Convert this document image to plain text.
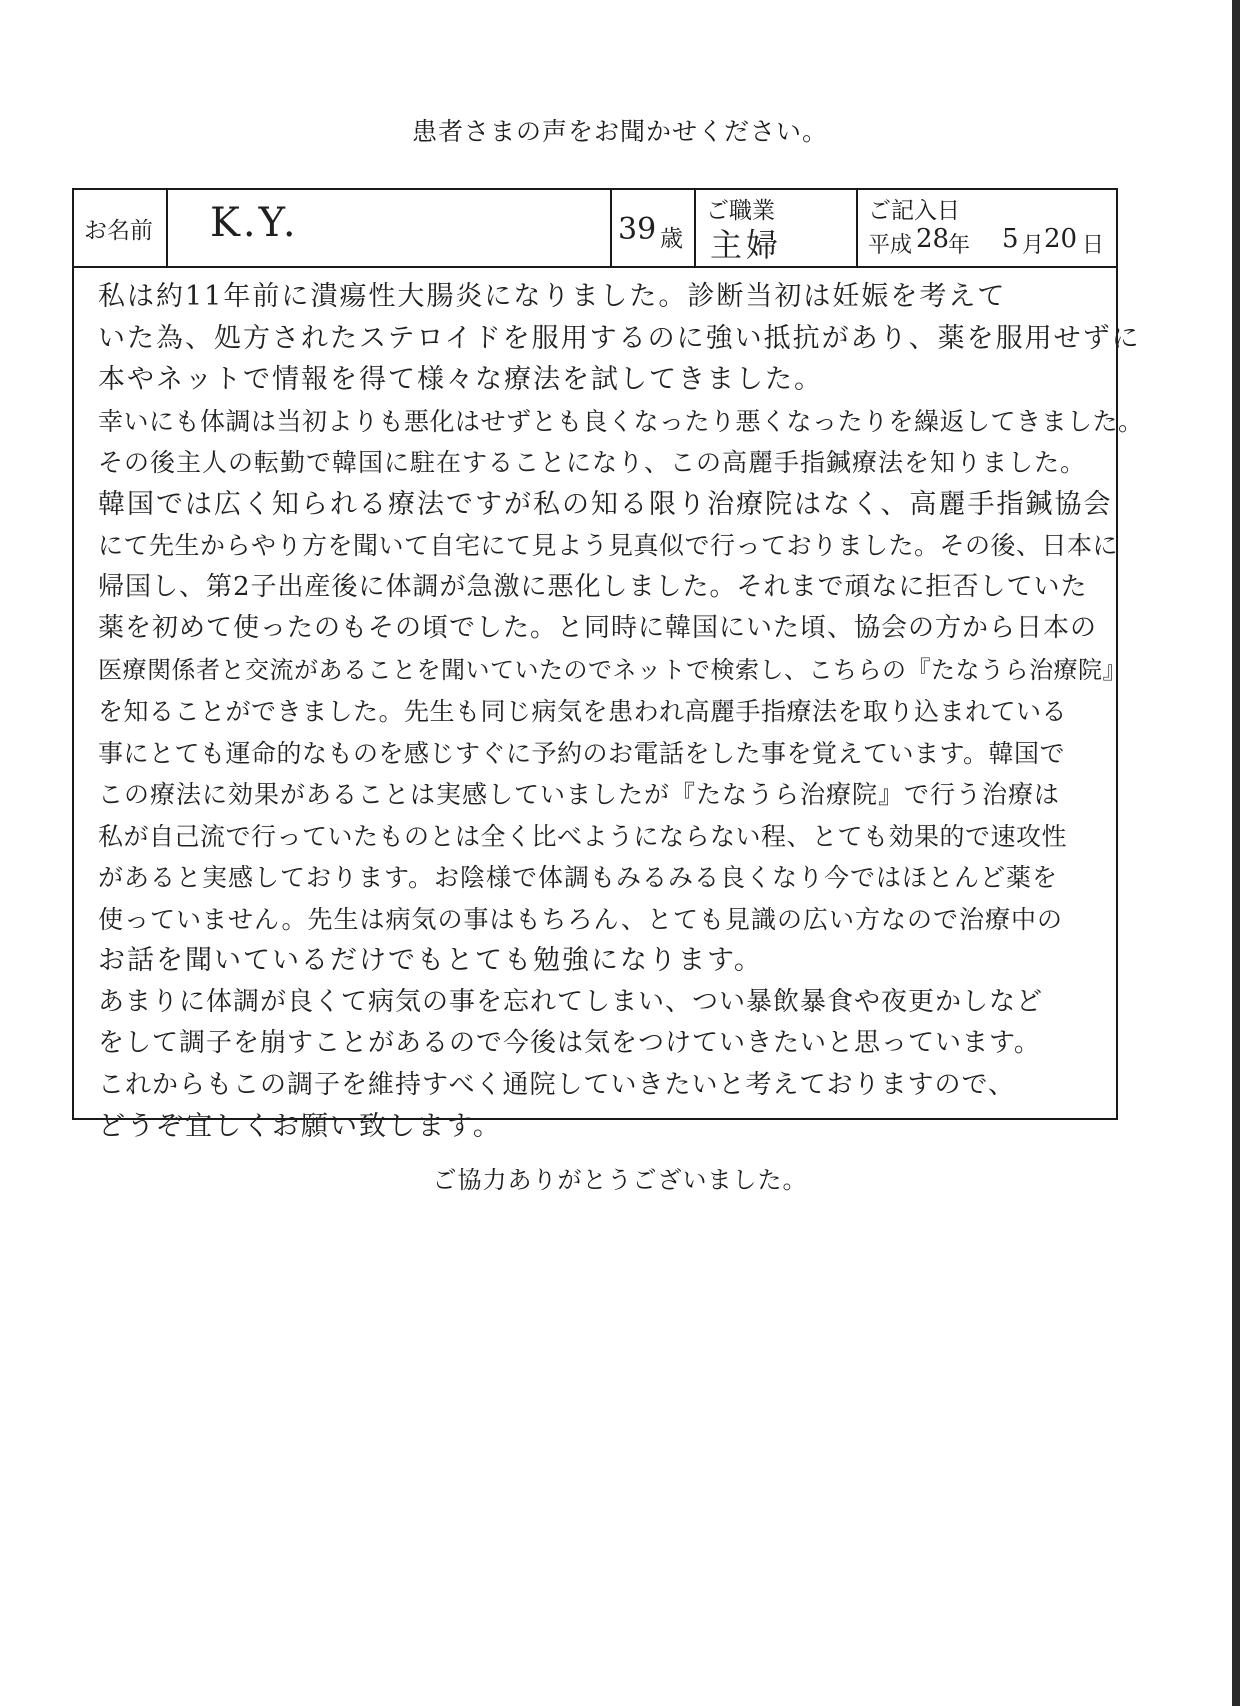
患者さまの声をお聞かせください。
お名前 K.Y.	39 歳
ご職業
主婦
ご記入日
平成 28
年 5 月 20 日
私は約11年前に潰瘍性大腸炎になりました。診断当初は妊娠を考えて
いた為、処方されたステロイドを服用するのに強い抵抗があり、薬を服用せずに
本やネットで情報を得て様々な療法を試してきました。
幸いにも体調は当初よりも悪化はせずとも良くなったり悪くなったりを繰返してきました。
その後主人の転勤で韓国に駐在することになり、この高麗手指鍼療法を知りました。
韓国では広く知られる療法ですが私の知る限り治療院はなく、高麗手指鍼協会
にて先生からやり方を聞いて自宅にて見よう見真似で行っておりました。その後、日本に
帰国し、第2子出産後に体調が急激に悪化しました。それまで頑なに拒否していた
薬を初めて使ったのもその頃でした。と同時に韓国にいた頃、協会の方から日本の
医療関係者と交流があることを聞いていたのでネットで検索し、こちらの『たなうら治療院』
を知ることができました。先生も同じ病気を患われ高麗手指療法を取り込まれている
事にとても運命的なものを感じすぐに予約のお電話をした事を覚えています。韓国で
この療法に効果があることは実感していましたが『たなうら治療院』で行う治療は
私が自己流で行っていたものとは全く比べようにならない程、とても効果的で速攻性
があると実感しております。お陰様で体調もみるみる良くなり今ではほとんど薬を
使っていません。先生は病気の事はもちろん、とても見識の広い方なので治療中の
お話を聞いているだけでもとても勉強になります。
あまりに体調が良くて病気の事を忘れてしまい、つい暴飲暴食や夜更かしなど
をして調子を崩すことがあるので今後は気をつけていきたいと思っています。
これからもこの調子を維持すべく通院していきたいと考えておりますので、
どうぞ宜しくお願い致します。
ご協力ありがとうございました。
